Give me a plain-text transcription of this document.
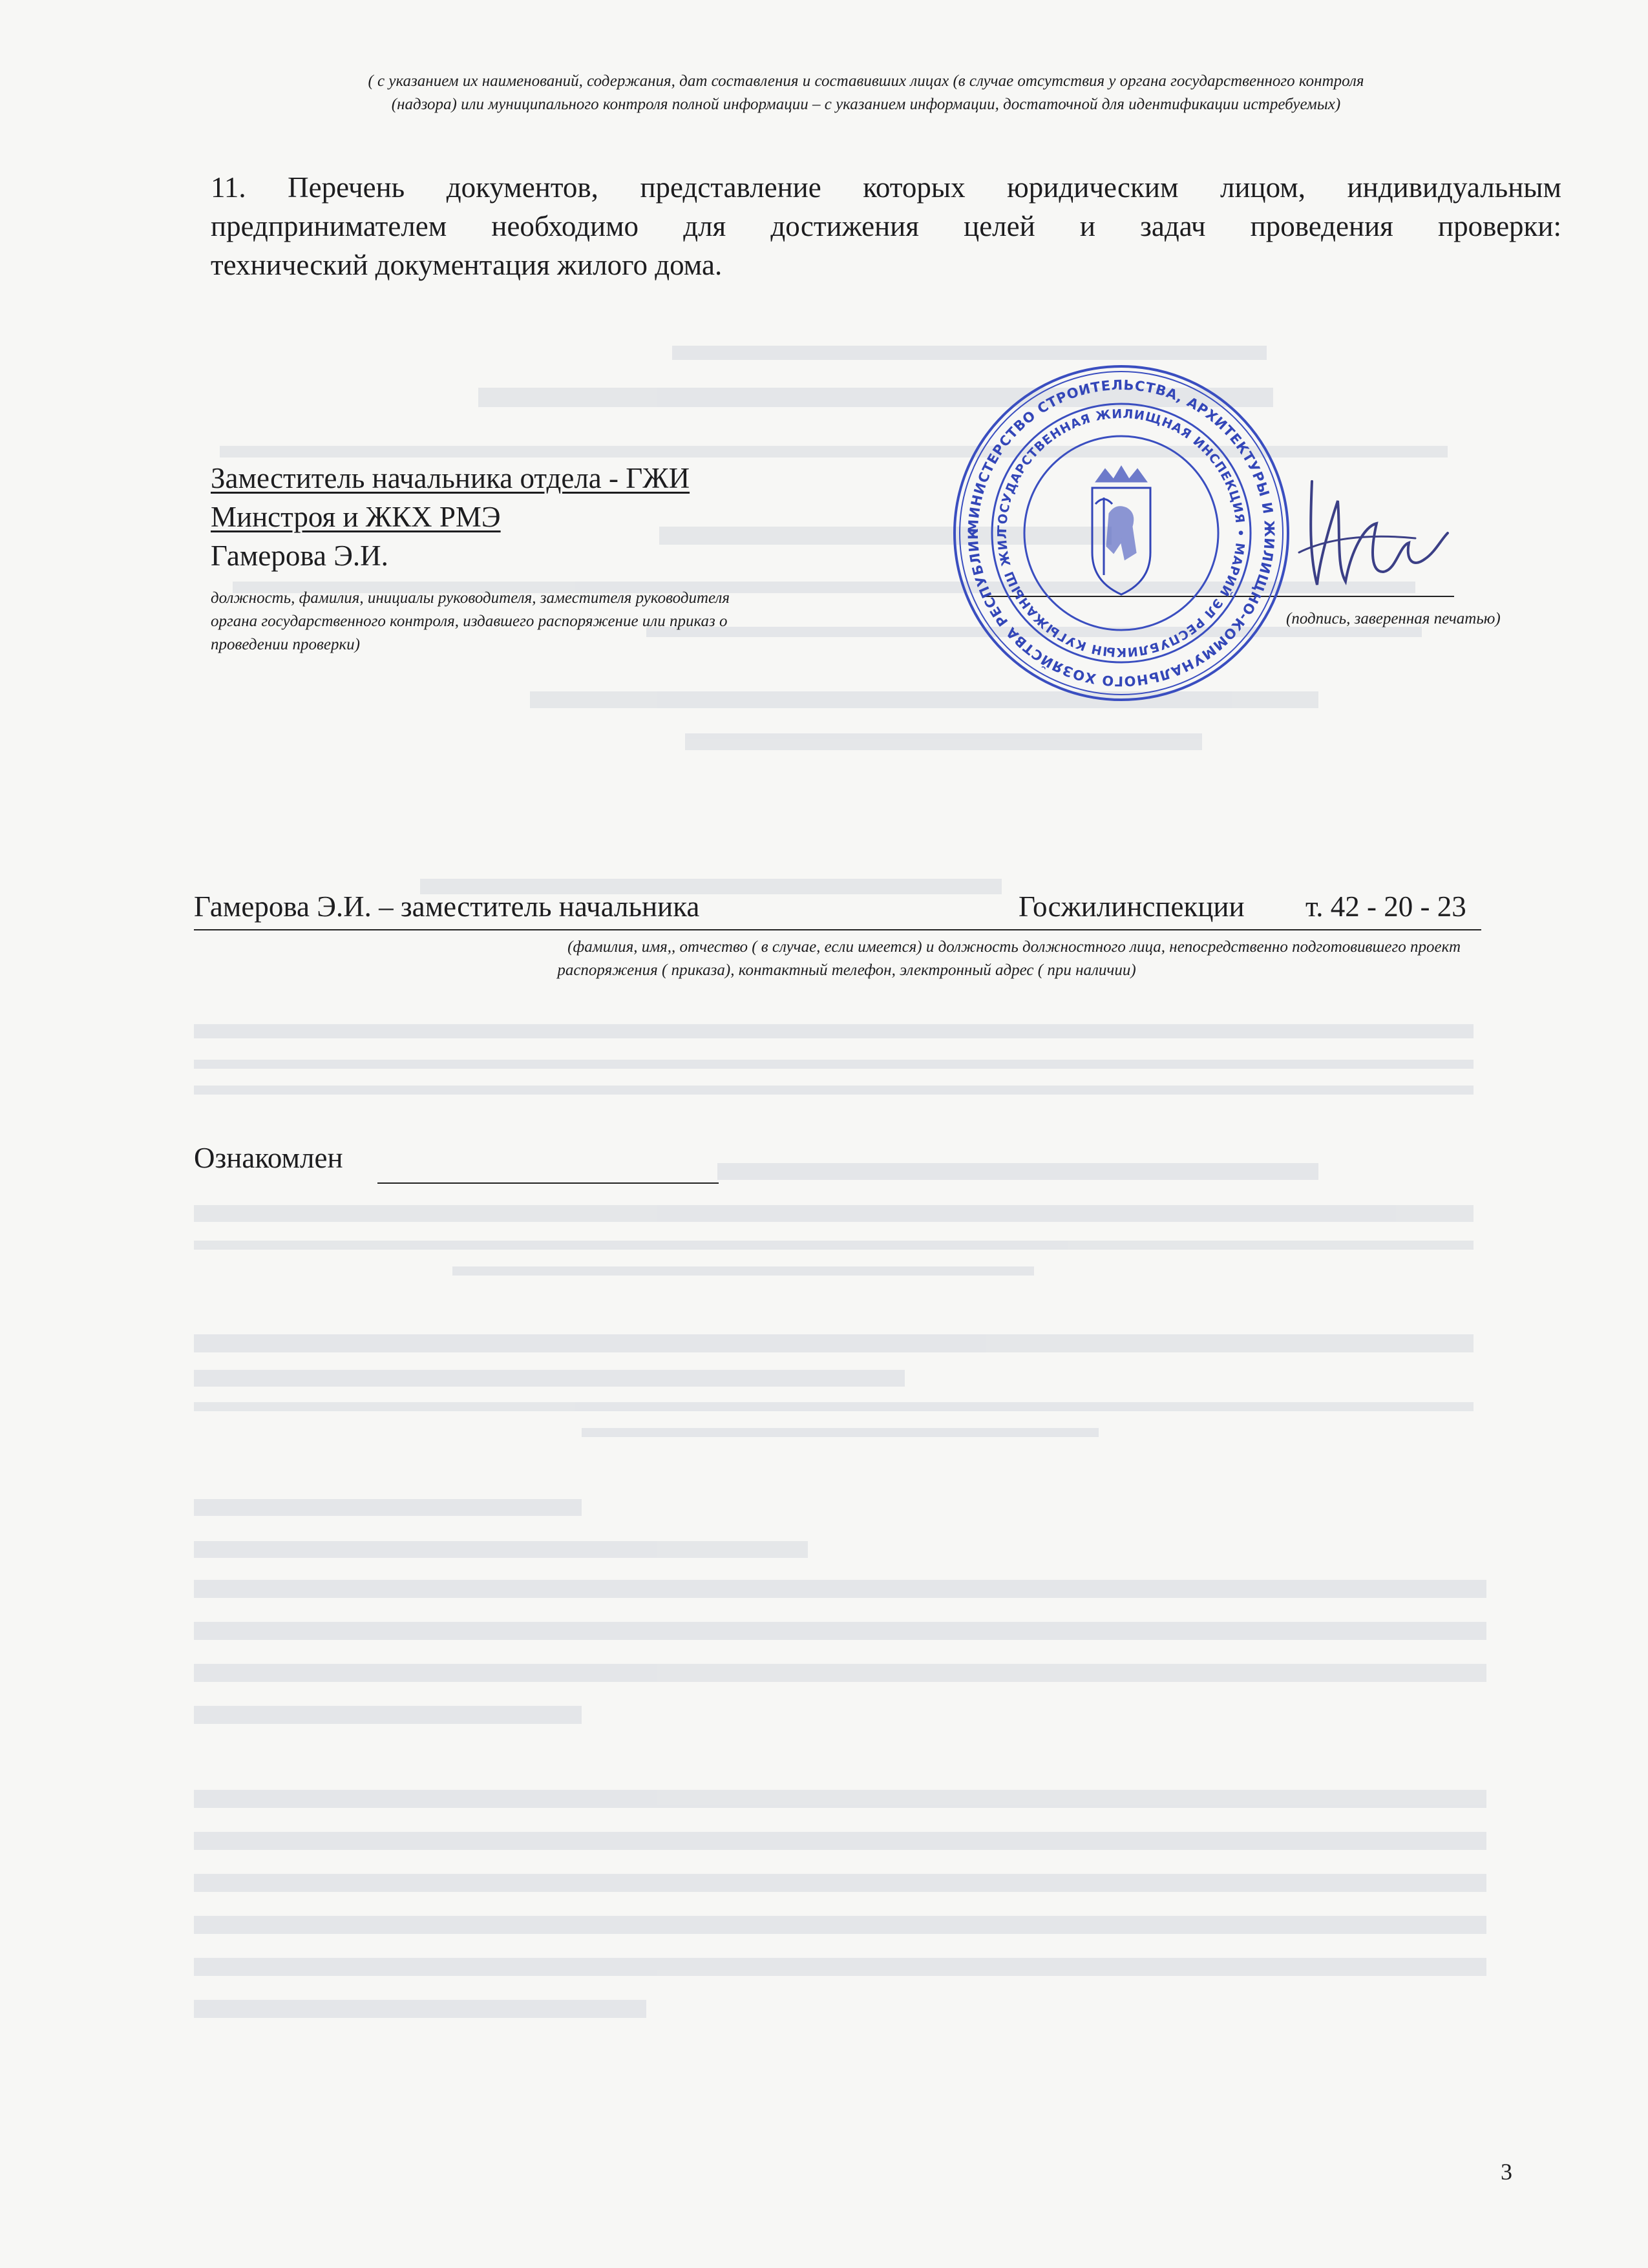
( с указанием их наименований, содержания, дат составления и составивших лицах (в случае отсутствия у органа государственного контроля
(надзора) или муниципального контроля полной информации – с указанием информации, достаточной для идентификации истребуемых)
11. Перечень документов, представление которых юридическим лицом, индивидуальным
предпринимателем необходимо для достижения целей и задач проведения проверки:
технический документация жилого дома.
Заместитель начальника отдела - ГЖИ
Минстроя и ЖКХ РМЭ
Гамерова Э.И.
должность, фамилия, инициалы руководителя, заместителя руководителя
органа государственного контроля, издавшего распоряжение или приказ о
проведении проверки)
(подпись, заверенная печатью)
МИНИСТЕРСТВО СТРОИТЕЛЬСТВА, АРХИТЕКТУРЫ И ЖИЛИЩНО-КОММУНАЛЬНОГО ХОЗЯЙСТВА РЕСПУБЛИК	ГОСУДАРСТВЕННАЯ ЖИЛИЩНАЯ ИНСПЕКЦИЯ • МАРИЙ ЭЛ РЕСПУБЛИКЫН КУГЫЖАНЫШ ЖИЛ
Гамерова Э.И. – заместитель начальника	Госжилинспекции т. 42 - 20 - 23
(фамилия, имя,, отчество ( в случае, если имеется) и должность должностного лица, непосредственно подготовившего проект
распоряжения ( приказа), контактный телефон, электронный адрес ( при наличии)
Ознакомлен
3
